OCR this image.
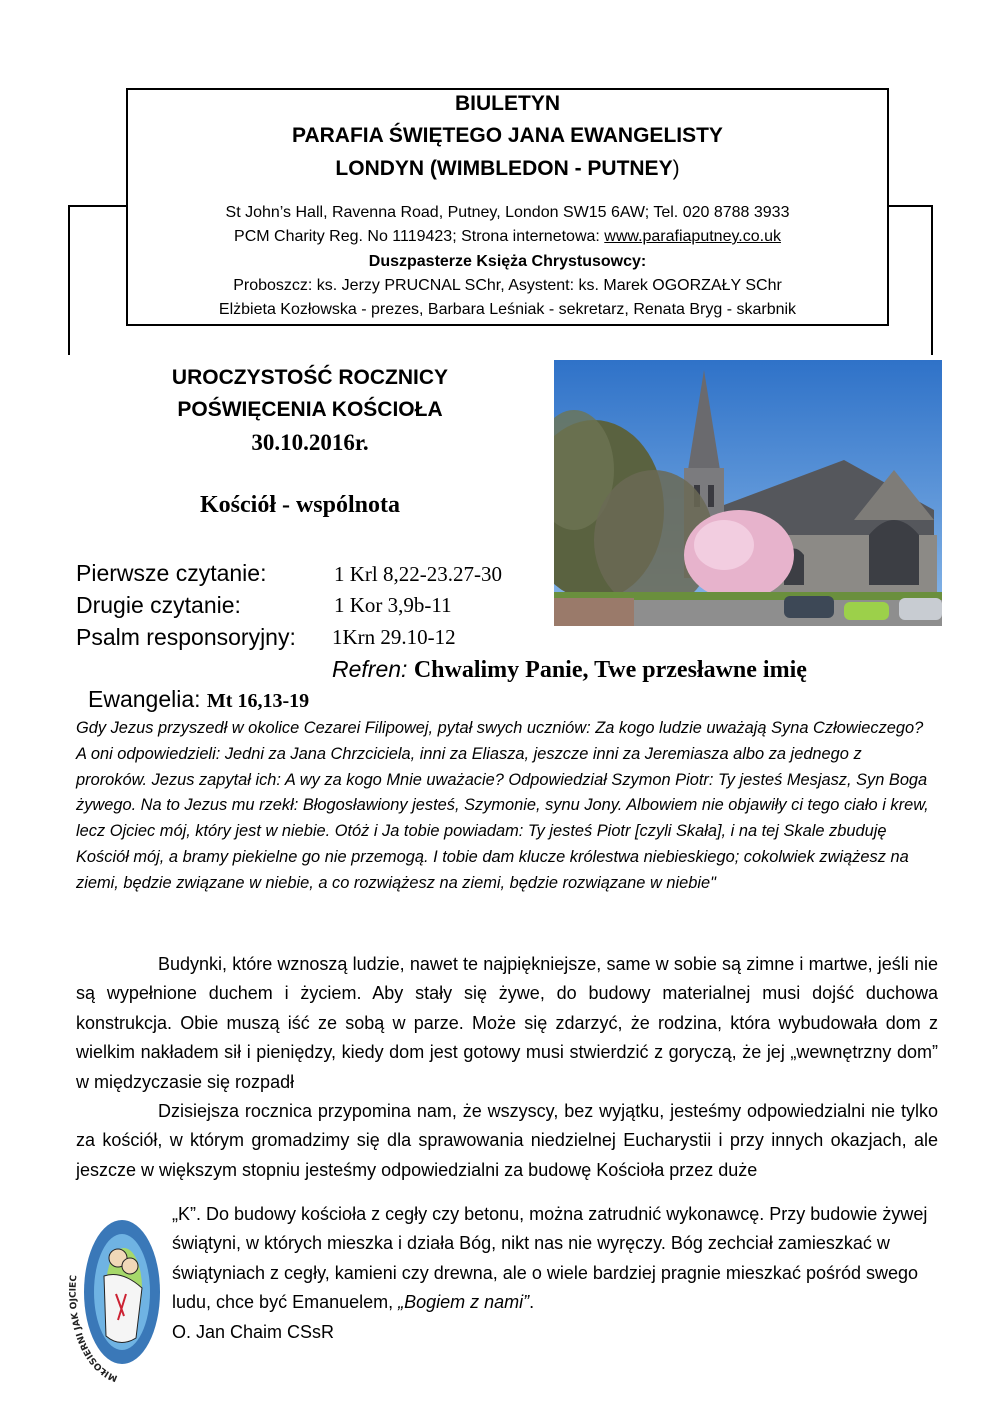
BIULETYN
PARAFIA ŚWIĘTEGO JANA EWANGELISTY
LONDYN (WIMBLEDON - PUTNEY)
St John’s Hall, Ravenna Road, Putney, London SW15 6AW; Tel. 020 8788 3933
PCM Charity Reg. No 1119423; Strona internetowa: www.parafiaputney.co.uk
Duszpasterze Księża Chrystusowcy:
Proboszcz: ks. Jerzy PRUCNAL SChr, Asystent: ks. Marek OGORZAŁY SChr
Elżbieta Kozłowska - prezes, Barbara Leśniak - sekretarz, Renata Bryg - skarbnik
UROCZYSTOŚĆ ROCZNICY
POŚWIĘCENIA KOŚCIOŁA
30.10.2016r.
Kościół - wspólnota
Pierwsze czytanie:	1 Krl 8,22-23.27-30
Drugie czytanie:	1 Kor 3,9b-11
Psalm responsoryjny: 1Krn 29.10-12
Refren: Chwalimy Panie, Twe przesławne imię
Ewangelia: Mt 16,13-19
Gdy Jezus przyszedł w okolice Cezarei Filipowej, pytał swych uczniów: Za kogo ludzie uważają Syna Człowieczego? A oni odpowiedzieli: Jedni za Jana Chrzciciela, inni za Eliasza, jeszcze inni za Jeremiasza albo za jednego z proroków. Jezus zapytał ich: A wy za kogo Mnie uważacie? Odpowiedział Szymon Piotr: Ty jesteś Mesjasz, Syn Boga żywego. Na to Jezus mu rzekł: Błogosławiony jesteś, Szymonie, synu Jony. Albowiem nie objawiły ci tego ciało i krew, lecz Ojciec mój, który jest w niebie. Otóż i Ja tobie powiadam: Ty jesteś Piotr [czyli Skała], i na tej Skale zbuduję Kościół mój, a bramy piekielne go nie przemogą. I tobie dam klucze królestwa niebieskiego; cokolwiek zwiążesz na ziemi, będzie związane w niebie, a co rozwiążesz na ziemi, będzie rozwiązane w niebie"
Budynki, które wznoszą ludzie, nawet te najpiękniejsze, same w sobie są zimne i martwe, jeśli nie są wypełnione duchem i życiem. Aby stały się żywe, do budowy materialnej musi dojść duchowa konstrukcja. Obie muszą iść ze sobą w parze. Może się zdarzyć, że rodzina, która wybudowała dom z wielkim nakładem sił i pieniędzy, kiedy dom jest gotowy musi stwierdzić z goryczą, że jej „wewnętrzny dom” w międzyczasie się rozpadł
Dzisiejsza rocznica przypomina nam, że wszyscy, bez wyjątku, jesteśmy odpowiedzialni nie tylko za kościół, w którym gromadzimy się dla sprawowania niedzielnej Eucharystii i przy innych okazjach, ale jeszcze w większym stopniu jesteśmy odpowiedzialni za budowę Kościoła przez duże
„K”. Do budowy kościoła z cegły czy betonu, można zatrudnić wykonawcę. Przy budowie żywej świątyni, w których mieszka i działa Bóg, nikt nas nie wyręczy. Bóg zechciał zamieszkać w świątyniach z cegły, kamieni czy drewna, ale o wiele bardziej pragnie mieszkać pośród swego ludu, chce być Emanuelem, „Bogiem z nami”.
O. Jan Chaim CSsR
MIŁOSIERNI JAK OJCIEC
